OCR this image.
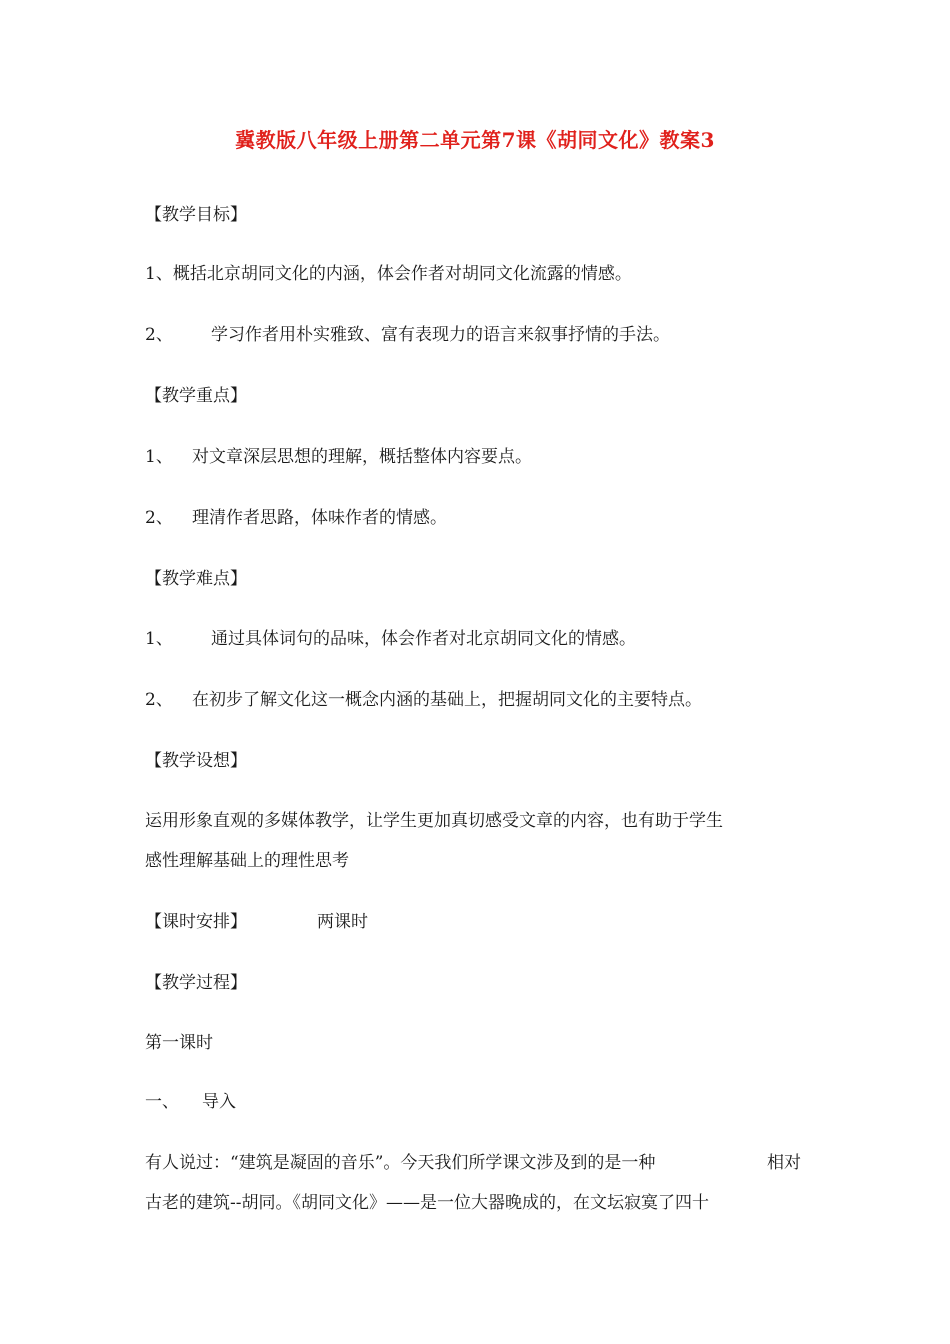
冀教版八年级上册第二单元第7课《胡同文化》教案3
【教学目标】
1、概括北京胡同文化的内涵，体会作者对胡同文化流露的情感。
2、 学习作者用朴实雅致、富有表现力的语言来叙事抒情的手法。
【教学重点】
1、 对文章深层思想的理解，概括整体内容要点。
2、 理清作者思路，体味作者的情感。
【教学难点】
1、 通过具体词句的品味，体会作者对北京胡同文化的情感。
2、 在初步了解文化这一概念内涵的基础上，把握胡同文化的主要特点。
【教学设想】
运用形象直观的多媒体教学，让学生更加真切感受文章的内容，也有助于学生
感性理解基础上的理性思考
【课时安排】	两课时
【教学过程】
第一课时
一、 导入
有人说过：“建筑是凝固的音乐”。今天我们所学课文涉及到的是一种	相对
古老的建筑--胡同。《胡同文化》——是一位大器晚成的，在文坛寂寞了四十
